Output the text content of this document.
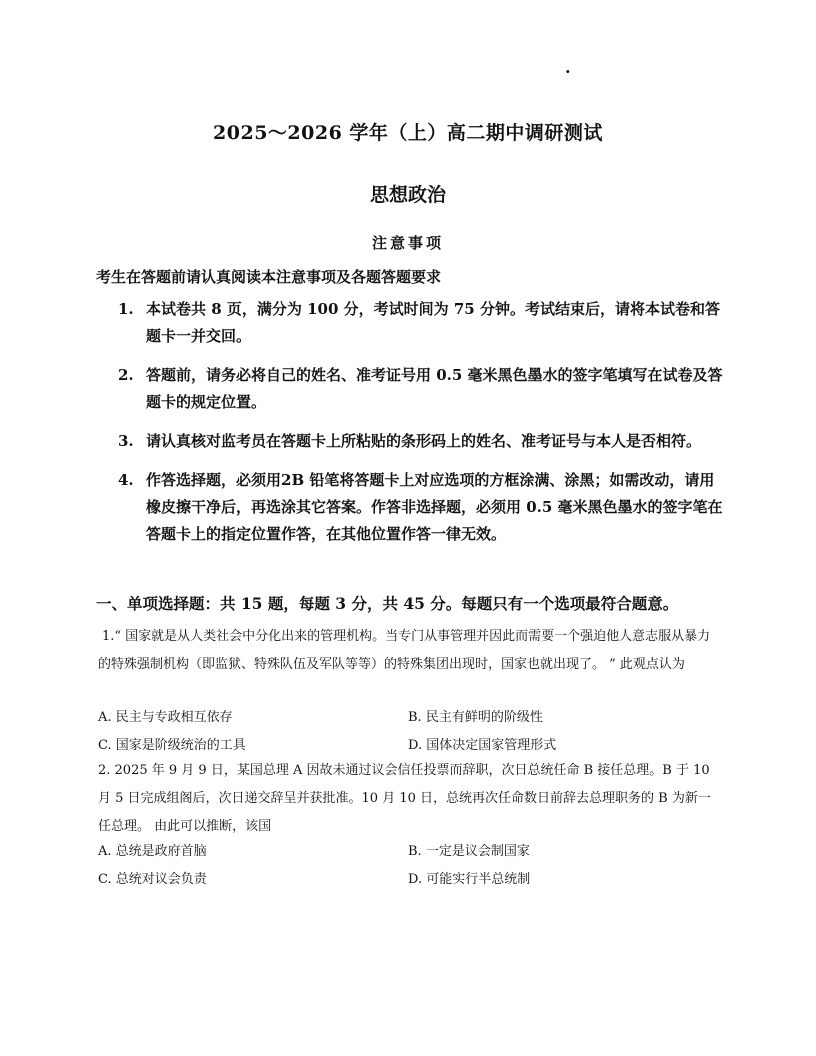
.
2025～2026 学年（上）高二期中调研测试
思想政治
注意事项
考生在答题前请认真阅读本注意事项及各题答题要求
1. 本试卷共 8 页，满分为 100 分，考试时间为 75 分钟。考试结束后，请将本试卷和答题卡一并交回。
2. 答题前，请务必将自己的姓名、准考证号用 0.5 毫米黑色墨水的签字笔填写在试卷及答题卡的规定位置。
3. 请认真核对监考员在答题卡上所粘贴的条形码上的姓名、准考证号与本人是否相符。
4. 作答选择题，必须用2B 铅笔将答题卡上对应选项的方框涂满、涂黑；如需改动，请用橡皮擦干净后，再选涂其它答案。作答非选择题，必须用 0.5 毫米黑色墨水的签字笔在答题卡上的指定位置作答，在其他位置作答一律无效。
一、单项选择题：共 15 题，每题 3 分，共 45 分。每题只有一个选项最符合题意。
1.“ 国家就是从人类社会中分化出来的管理机构。当专门从事管理并因此而需要一个强迫他人意志服从暴力的特殊强制机构（即监狱、特殊队伍及军队等等）的特殊集团出现时，国家也就出现了。 ” 此观点认为
A. 民主与专政相互依存	B. 民主有鲜明的阶级性
C. 国家是阶级统治的工具	D. 国体决定国家管理形式
2. 2025 年 9 月 9 日，某国总理 A 因故未通过议会信任投票而辞职，次日总统任命 B 接任总理。B 于 10 月 5 日完成组阁后，次日递交辞呈并获批准。10 月 10 日，总统再次任命数日前辞去总理职务的 B 为新一任总理。 由此可以推断，该国
A. 总统是政府首脑	B. 一定是议会制国家
C. 总统对议会负责	D. 可能实行半总统制
